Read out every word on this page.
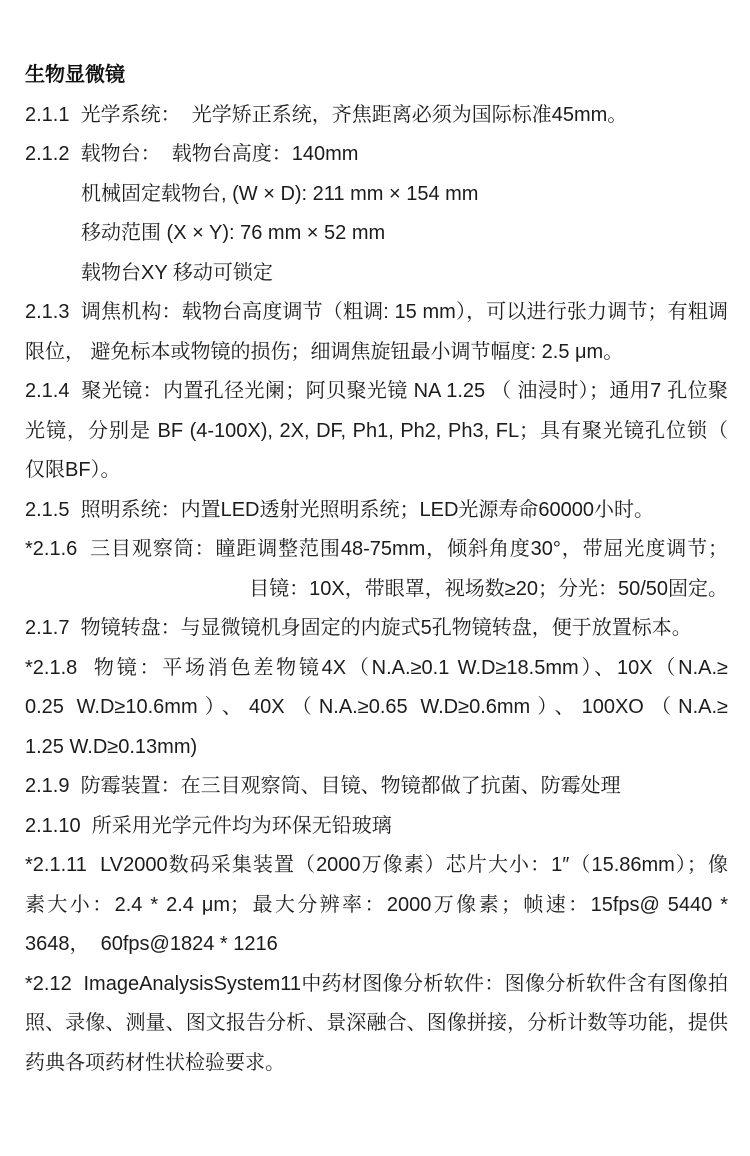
生物显微镜
2.1.1  光学系统：  光学矫正系统，齐焦距离必须为国际标准45mm。
2.1.2  载物台：  载物台高度：140mm
机械固定载物台, (W × D): 211 mm × 154 mm
移动范围 (X × Y): 76 mm × 52 mm
载物台XY 移动可锁定
2.1.3  调焦机构：载物台高度调节（粗调: 15 mm），可以进行张力调节；有粗调
限位， 避免标本或物镜的损伤；细调焦旋钮最小调节幅度: 2.5 μm。
2.1.4  聚光镜：内置孔径光阑；阿贝聚光镜 NA 1.25 （ 油浸时）；通用7 孔位聚
光镜，分别是 BF (4-100X), 2X, DF, Ph1, Ph2, Ph3, FL；具有聚光镜孔位锁（
仅限BF）。
2.1.5  照明系统：内置LED透射光照明系统；LED光源寿命60000小时。
*2.1.6  三目观察筒：瞳距调整范围48-75mm，倾斜角度30°，带屈光度调节；
目镜：10X，带眼罩，视场数≥20；分光：50/50固定。
2.1.7  物镜转盘：与显微镜机身固定的内旋式5孔物镜转盘，便于放置标本。
*2.1.8  物镜：平场消色差物镜4X（N.A.≥0.1 W.D≥18.5mm）、10X（N.A.≥
0.25 W.D≥10.6mm）、40X（N.A.≥0.65 W.D≥0.6mm）、100XO（N.A.≥
1.25 W.D≥0.13mm)
2.1.9  防霉装置：在三目观察筒、目镜、物镜都做了抗菌、防霉处理
2.1.10  所采用光学元件均为环保无铅玻璃
*2.1.11  LV2000数码采集装置（2000万像素）芯片大小：1″（15.86mm）；像
素大小：2.4 * 2.4 μm；最大分辨率：2000万像素；帧速：15fps@ 5440 *
3648，  60fps@1824 * 1216
*2.12  ImageAnalysisSystem11中药材图像分析软件：图像分析软件含有图像拍
照、录像、测量、图文报告分析、景深融合、图像拼接，分析计数等功能，提供
药典各项药材性状检验要求。
